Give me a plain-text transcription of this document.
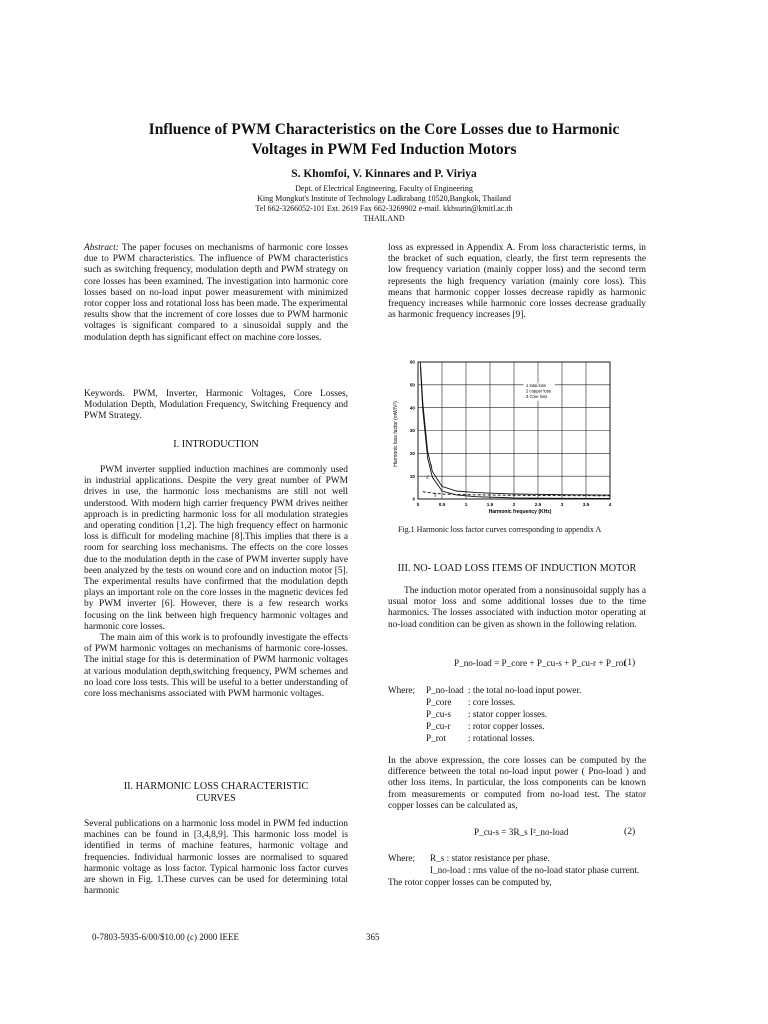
Influence of PWM Characteristics on the Core Losses due to Harmonic
Voltages in PWM Fed Induction Motors
S. Khomfoi, V. Kinnares and P. Viriya
Dept. of Electrical Engineering, Faculty of Engineering
King Mongkut's Institute of Technology Ladkrabang 10520,Bangkok, Thailand
Tel 662-3266052-101 Ext. 2619 Fax 662-3269902 e-mail. kkhsurin@kmitl.ac.th
THAILAND

Abstract: The paper focuses on mechanisms of harmonic core losses due to PWM characteristics. The influence of PWM characteristics such as switching frequency, modulation depth and PWM strategy on core losses has been examined. The investigation into harmonic core losses based on no-load input power measurement with minimized rotor copper loss and rotational loss has been made. The experimental results show that the increment of core losses due to PWM harmonic voltages is significant compared to a sinusoidal supply and the modulation depth has significant effect on machine core losses.

Keywords. PWM, Inverter, Harmonic Voltages, Core Losses, Modulation Depth, Modulation Frequency, Switching Frequency and PWM Strategy.

I. INTRODUCTION

PWM inverter supplied induction machines are commonly used in industrial applications. Despite the very great number of PWM drives in use, the harmonic loss mechanisms are still not well understood. With modern high carrier frequency PWM drives neither approach is in predicting harmonic loss for all modulation strategies and operating condition [1,2]. The high frequency effect on harmonic loss is difficult for modeling machine [8].This implies that there is a room for searching loss mechanisms. The effects on the core losses due to the modulation depth in the case of PWM inverter supply have been analyzed by the tests on wound core and on induction motor [5]. The experimental results have confirmed that the modulation depth plays an important role on the core losses in the magnetic devices fed by PWM inverter [6]. However, there is a few research works focusing on the link between high frequency harmonic voltages and harmonic core losses.

The main aim of this work is to profoundly investigate the effects of PWM harmonic voltages on mechanisms of harmonic core-losses. The initial stage for this is determination of PWM harmonic voltages at various modulation depth,switching frequency, PWM schemes and no load core loss tests. This will be useful to a better understanding of core loss mechanisms associated with PWM harmonic voltages.

II. HARMONIC LOSS CHARACTERISTIC
CURVES

Several publications on a harmonic loss model in PWM fed induction machines can be found in [3,4,8,9]. This harmonic loss model is identified in terms of machine features, harmonic voltage and frequencies. Individual harmonic losses are normalised to squared harmonic voltage as loss factor. Typical harmonic loss factor curves are shown in Fig. 1.These curves can be used for determining total harmonic

loss as expressed in Appendix A. From loss characteristic terms, in the bracket of such equation, clearly, the first term represents the low frequency variation (mainly copper loss) and the second term represents the high frequency variation (mainly core loss). This means that harmonic copper losses decrease rapidly as harmonic frequency increases while harmonic core losses decrease gradually as harmonic frequency increases [9].

0	0.5	1	1.5	2	2.5	3	3.5	4
0
10
20
30
40
50
60
1
2
3
1 total loss
2 copper loss
3 Core loss
Harmonic loss factor (mW/V²)
Harmonic frequency (KHz)
Fig.1 Harmonic loss factor curves corresponding to appendix A
III. NO- LOAD LOSS ITEMS OF INDUCTION MOTOR

The induction motor operated from a nonsinusoidal supply has a usual motor loss and some additional losses due to the time harmonics. The losses associated with induction motor operating at no-load condition can be given as shown in the following relation.

P_no-load = P_core + P_cu-s + P_cu-r + P_rot
(1)
Where; P_no-load : the total no-load input power.
P_core : core losses.
P_cu-s : stator copper losses.
P_cu-r : rotor copper losses.
P_rot : rotational losses.

In the above expression, the core losses can be computed by the difference between the total no-load input power ( Pno-load ) and other loss items. In particular, the loss components can be known from measurements or computed from no-load test. The stator copper losses can be calculated as,

P_cu-s = 3R_s I²_no-load	(2)
Where; R_s : stator resistance per phase.
I_no-load : rms value of the no-load stator phase current.
The rotor copper losses can be computed by,
0-7803-5935-6/00/$10.00 (c) 2000 IEEE	365
